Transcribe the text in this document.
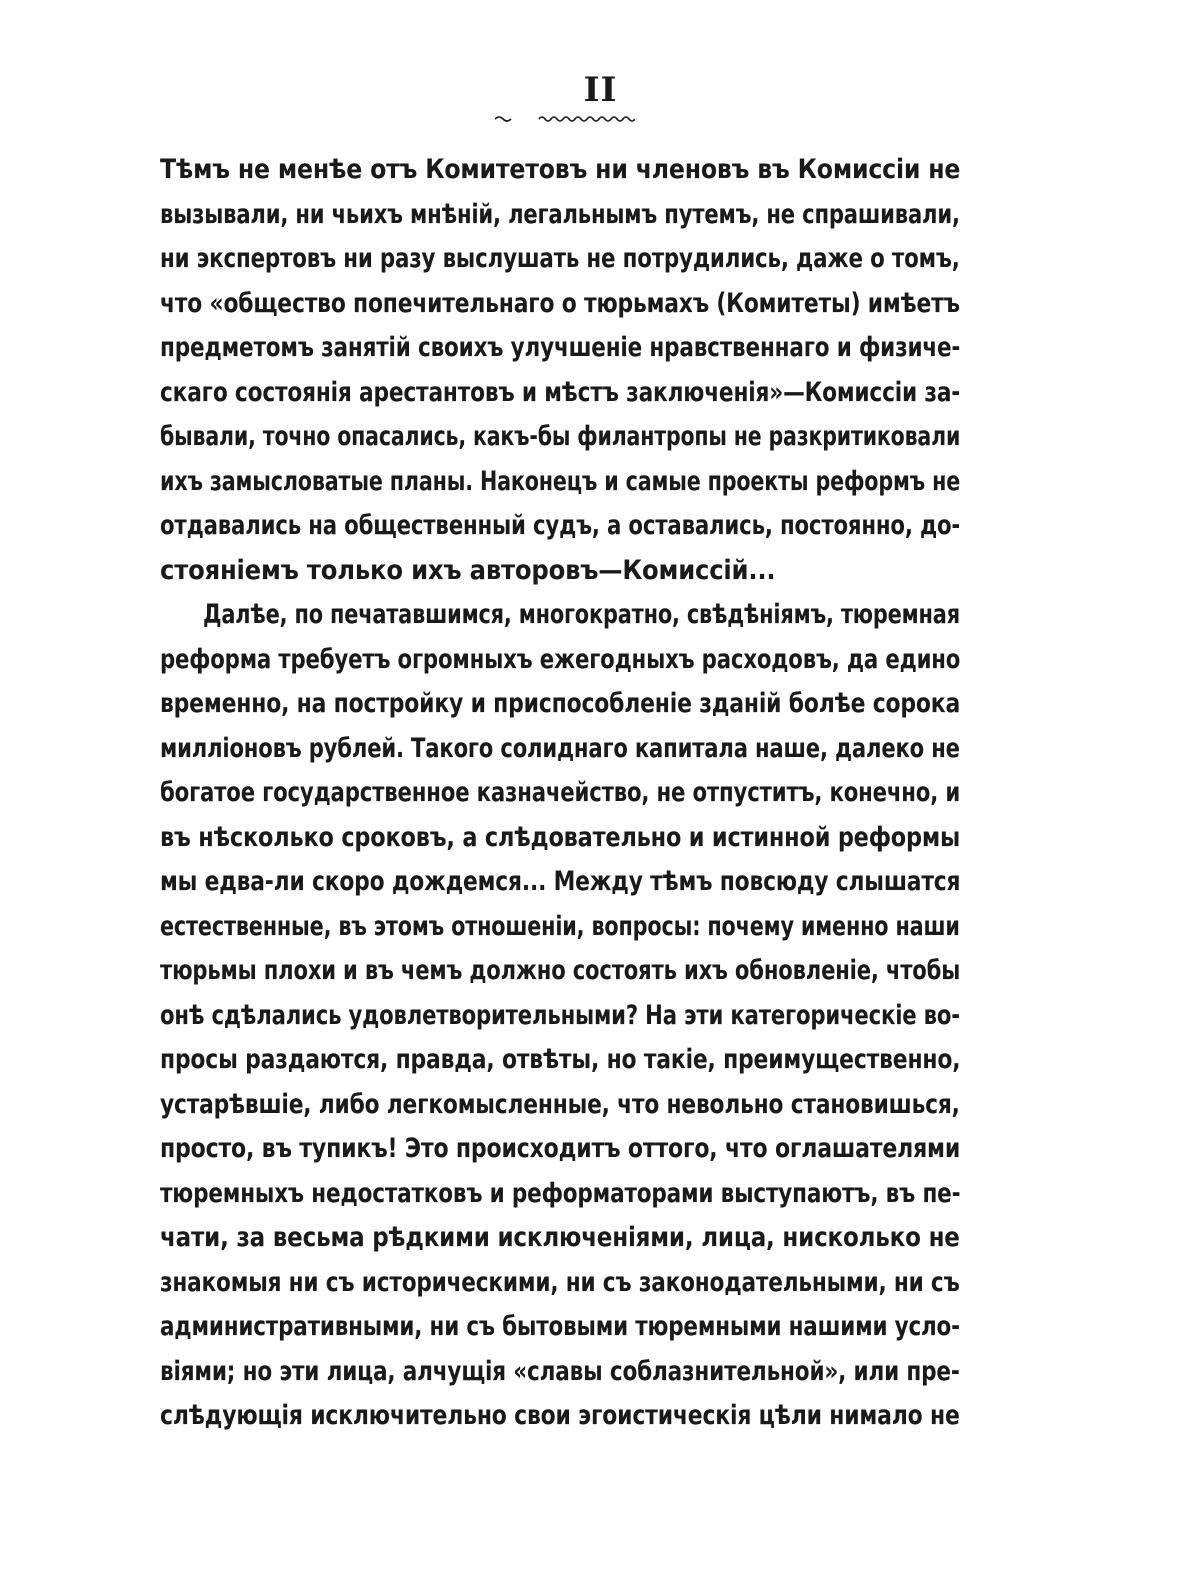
II
Тѣмъ не менѣе отъ Комитетовъ ни членовъ въ Комиссіи не
вызывали, ни чьихъ мнѣній, легальнымъ путемъ, не спрашивали,
ни экспертовъ ни разу выслушать не потрудились, даже о томъ,
что «общество попечительнаго о тюрьмахъ (Комитеты) имѣетъ
предметомъ занятій своихъ улучшеніе нравственнаго и физиче-
скаго состоянія арестантовъ и мѣстъ заключенія»—Комиссіи за-
бывали, точно опасались, какъ-бы филантропы не разкритиковали
ихъ замысловатые планы. Наконецъ и самые проекты реформъ не
отдавались на общественный судъ, а оставались, постоянно, до-
стояніемъ только ихъ авторовъ—Комиссій...
Далѣе, по печатавшимся, многократно, свѣдѣніямъ, тюремная
реформа требуетъ огромныхъ ежегодныхъ расходовъ, да едино
временно, на постройку и приспособленіе зданій болѣе сорока
милліоновъ рублей. Такого солиднаго капитала наше, далеко не
богатое государственное казначейство, не отпуститъ, конечно, и
въ нѣсколько сроковъ, а слѣдовательно и истинной реформы
мы едва-ли скоро дождемся... Между тѣмъ повсюду слышатся
естественные, въ этомъ отношеніи, вопросы: почему именно наши
тюрьмы плохи и въ чемъ должно состоять ихъ обновленіе, чтобы
онѣ сдѣлались удовлетворительными? На эти категорическіе во-
просы раздаются, правда, отвѣты, но такіе, преимущественно,
устарѣвшіе, либо легкомысленные, что невольно становишься,
просто, въ тупикъ! Это происходитъ оттого, что оглашателями
тюремныхъ недостатковъ и реформаторами выступаютъ, въ пе-
чати, за весьма рѣдкими исключеніями, лица, нисколько не
знакомыя ни съ историческими, ни съ законодательными, ни съ
административными, ни съ бытовыми тюремными нашими усло-
віями; но эти лица, алчущія «славы соблазнительной», или пре-
слѣдующія исключительно свои эгоистическія цѣли нимало не
